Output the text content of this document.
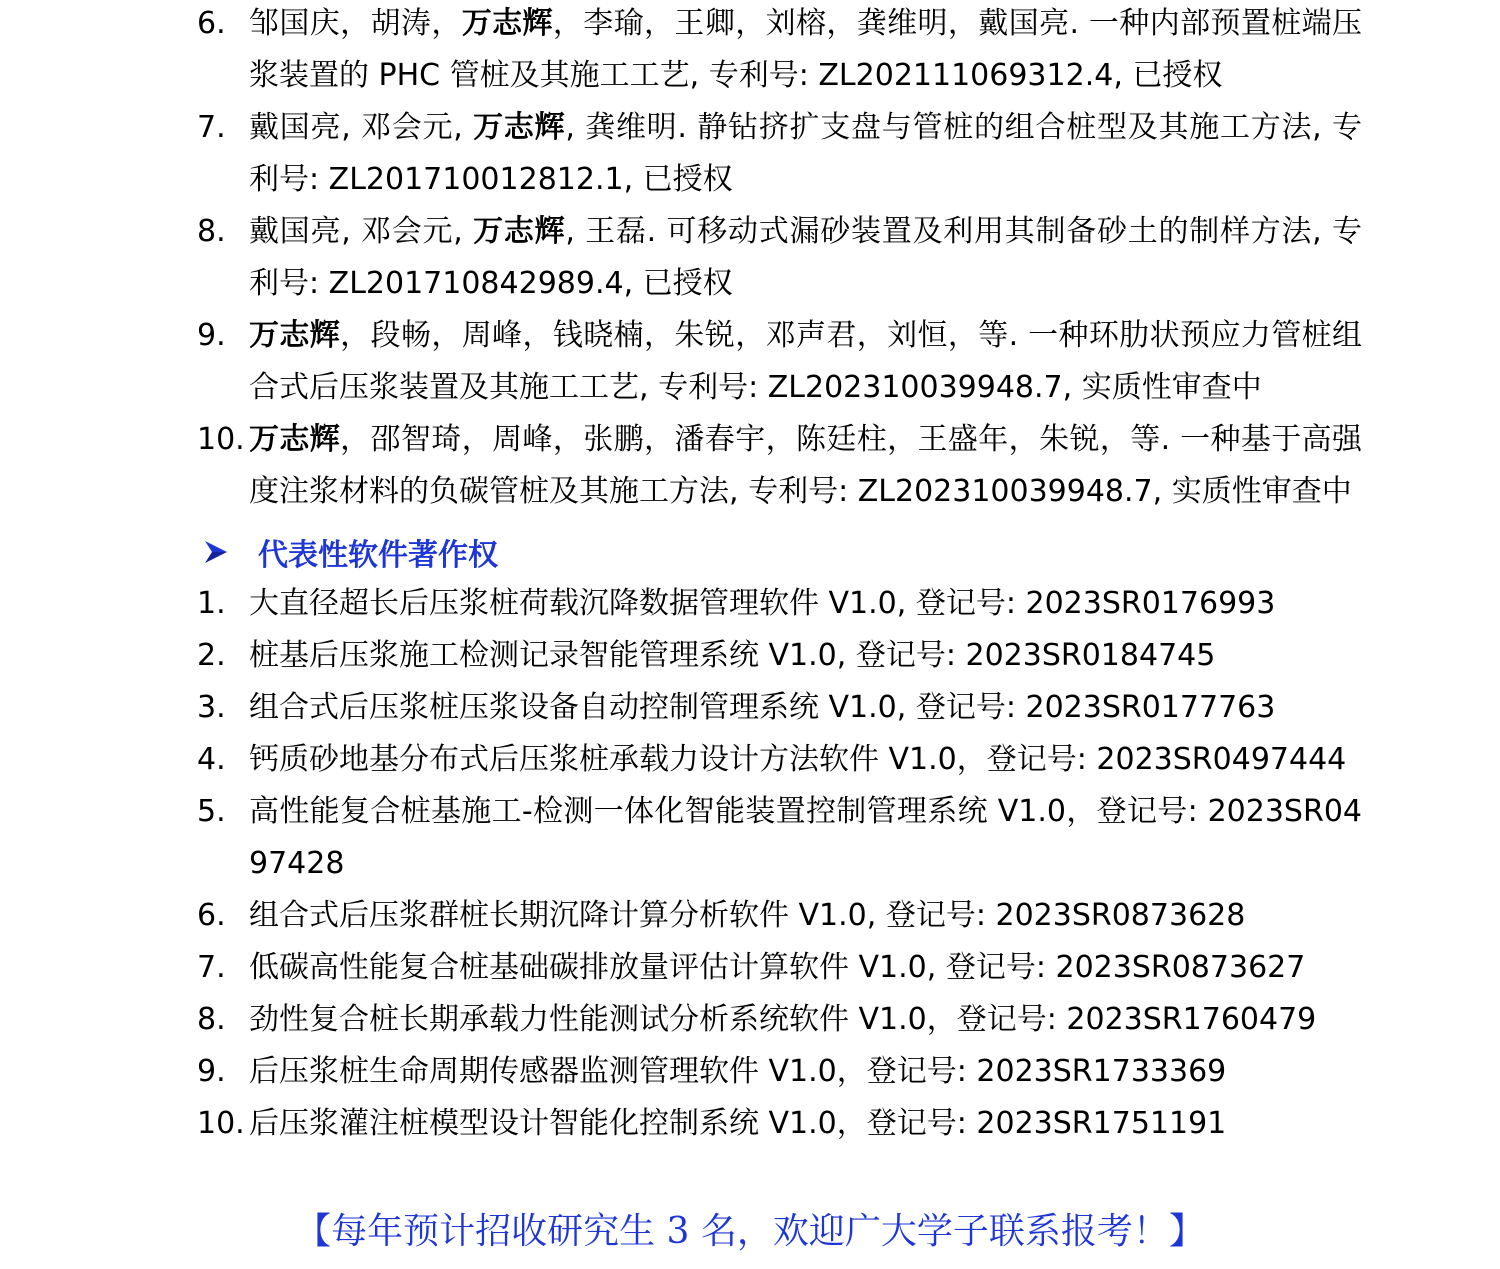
6. 邹国庆，胡涛，万志辉，李瑜，王卿，刘榕，龚维明，戴国亮. 一种内部预置桩端压浆装置的 PHC 管桩及其施工工艺, 专利号: ZL202111069312.4, 已授权
7. 戴国亮, 邓会元, 万志辉, 龚维明. 静钻挤扩支盘与管桩的组合桩型及其施工方法, 专利号: ZL201710012812.1, 已授权
8. 戴国亮, 邓会元, 万志辉, 王磊. 可移动式漏砂装置及利用其制备砂土的制样方法, 专利号: ZL201710842989.4, 已授权
9. 万志辉，段畅，周峰，钱晓楠，朱锐，邓声君，刘恒，等. 一种环肋状预应力管桩组合式后压浆装置及其施工工艺, 专利号: ZL202310039948.7, 实质性审查中
10. 万志辉，邵智琦，周峰，张鹏，潘春宇，陈廷柱，王盛年，朱锐，等. 一种基于高强度注浆材料的负碳管桩及其施工方法, 专利号: ZL202310039948.7, 实质性审查中
代表性软件著作权
1. 大直径超长后压浆桩荷载沉降数据管理软件 V1.0, 登记号: 2023SR0176993
2. 桩基后压浆施工检测记录智能管理系统 V1.0, 登记号: 2023SR0184745
3. 组合式后压浆桩压浆设备自动控制管理系统 V1.0, 登记号: 2023SR0177763
4. 钙质砂地基分布式后压浆桩承载力设计方法软件 V1.0，登记号: 2023SR0497444
5. 高性能复合桩基施工-检测一体化智能装置控制管理系统 V1.0，登记号: 2023SR0497428
6. 组合式后压浆群桩长期沉降计算分析软件 V1.0, 登记号: 2023SR0873628
7. 低碳高性能复合桩基础碳排放量评估计算软件 V1.0, 登记号: 2023SR0873627
8. 劲性复合桩长期承载力性能测试分析系统软件 V1.0，登记号: 2023SR1760479
9. 后压浆桩生命周期传感器监测管理软件 V1.0，登记号: 2023SR1733369
10. 后压浆灌注桩模型设计智能化控制系统 V1.0，登记号: 2023SR1751191
【每年预计招收研究生 3 名，欢迎广大学子联系报考！】
